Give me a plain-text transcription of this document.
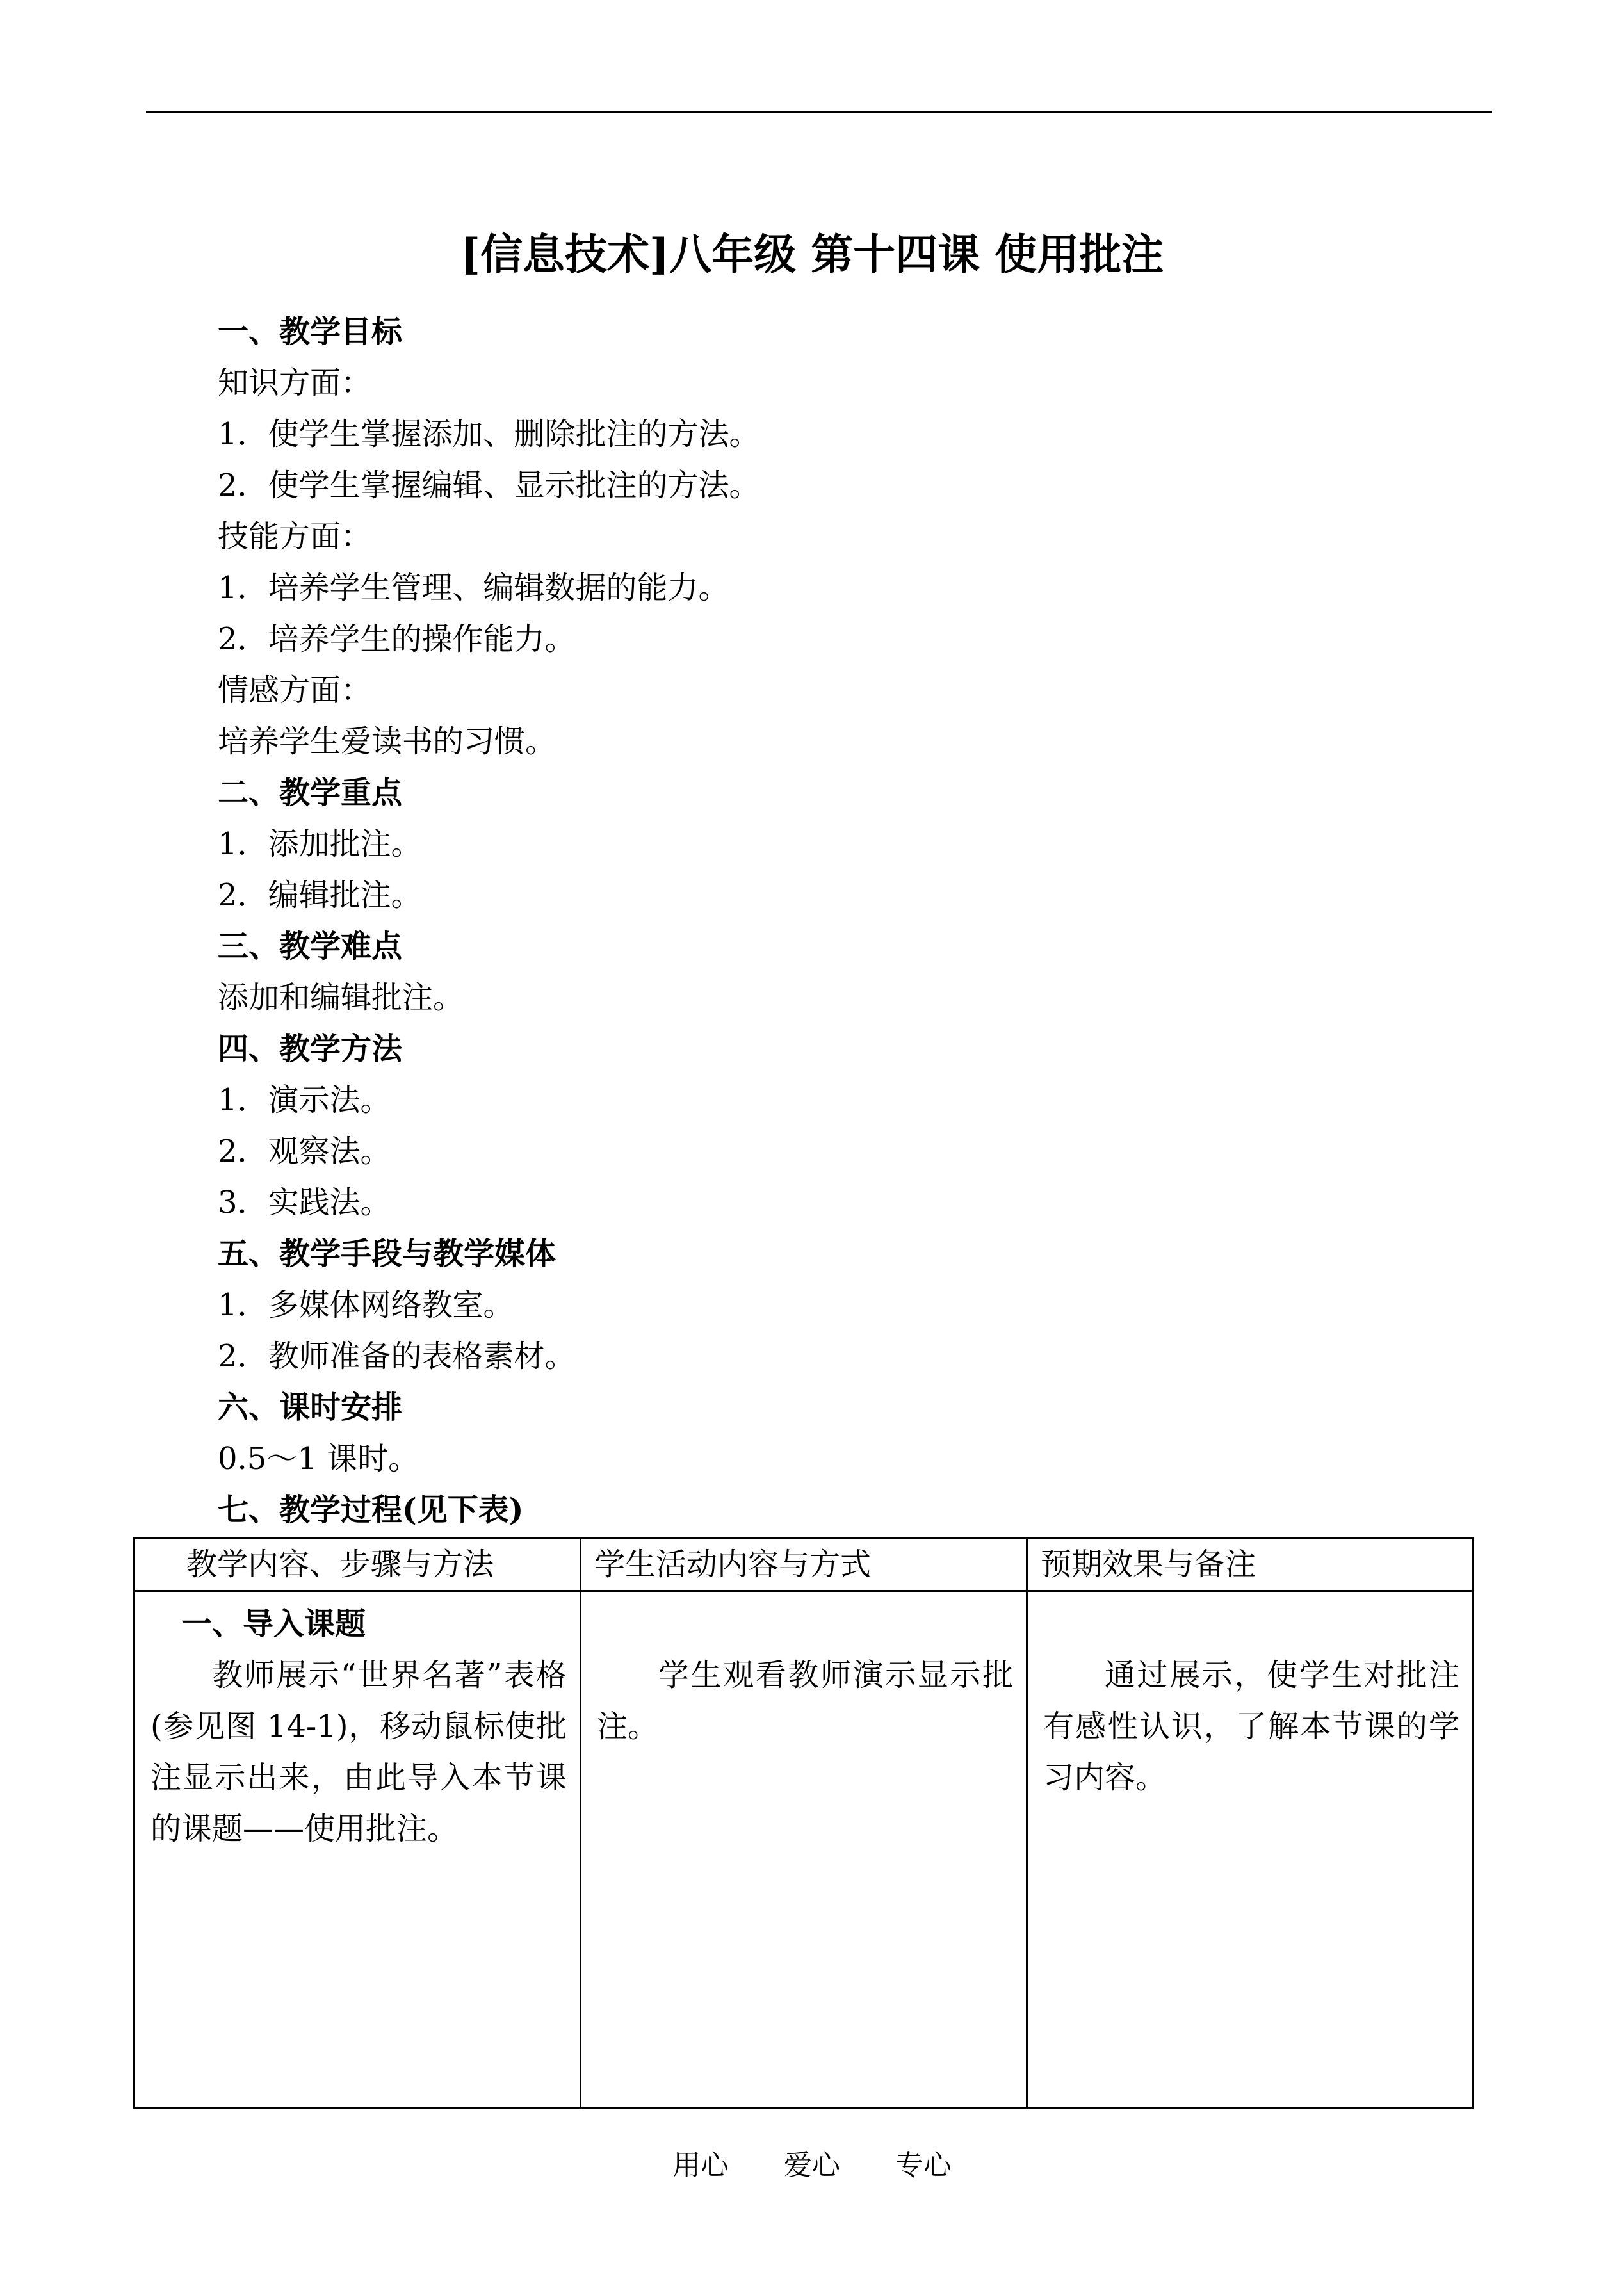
[信息技术]八年级 第十四课 使用批注
一、教学目标
知识方面：
1．使学生掌握添加、删除批注的方法。
2．使学生掌握编辑、显示批注的方法。
技能方面：
1．培养学生管理、编辑数据的能力。
2．培养学生的操作能力。
情感方面：
培养学生爱读书的习惯。
二、教学重点
1．添加批注。
2．编辑批注。
三、教学难点
添加和编辑批注。
四、教学方法
1．演示法。
2．观察法。
3．实践法。
五、教学手段与教学媒体
1．多媒体网络教室。
2．教师准备的表格素材。
六、课时安排
0.5～1 课时。
七、教学过程(见下表)
教学内容、步骤与方法	学生活动内容与方式	预期效果与备注

一、导入课题
教师展示“世界名著”表格(参见图 14-1)，移动鼠标使批注显示出来，由此导入本节课的课题——使用批注。	学生观看教师演示显示批注。	通过展示，使学生对批注有感性认识，了解本节课的学习内容。
用心 爱心 专心
